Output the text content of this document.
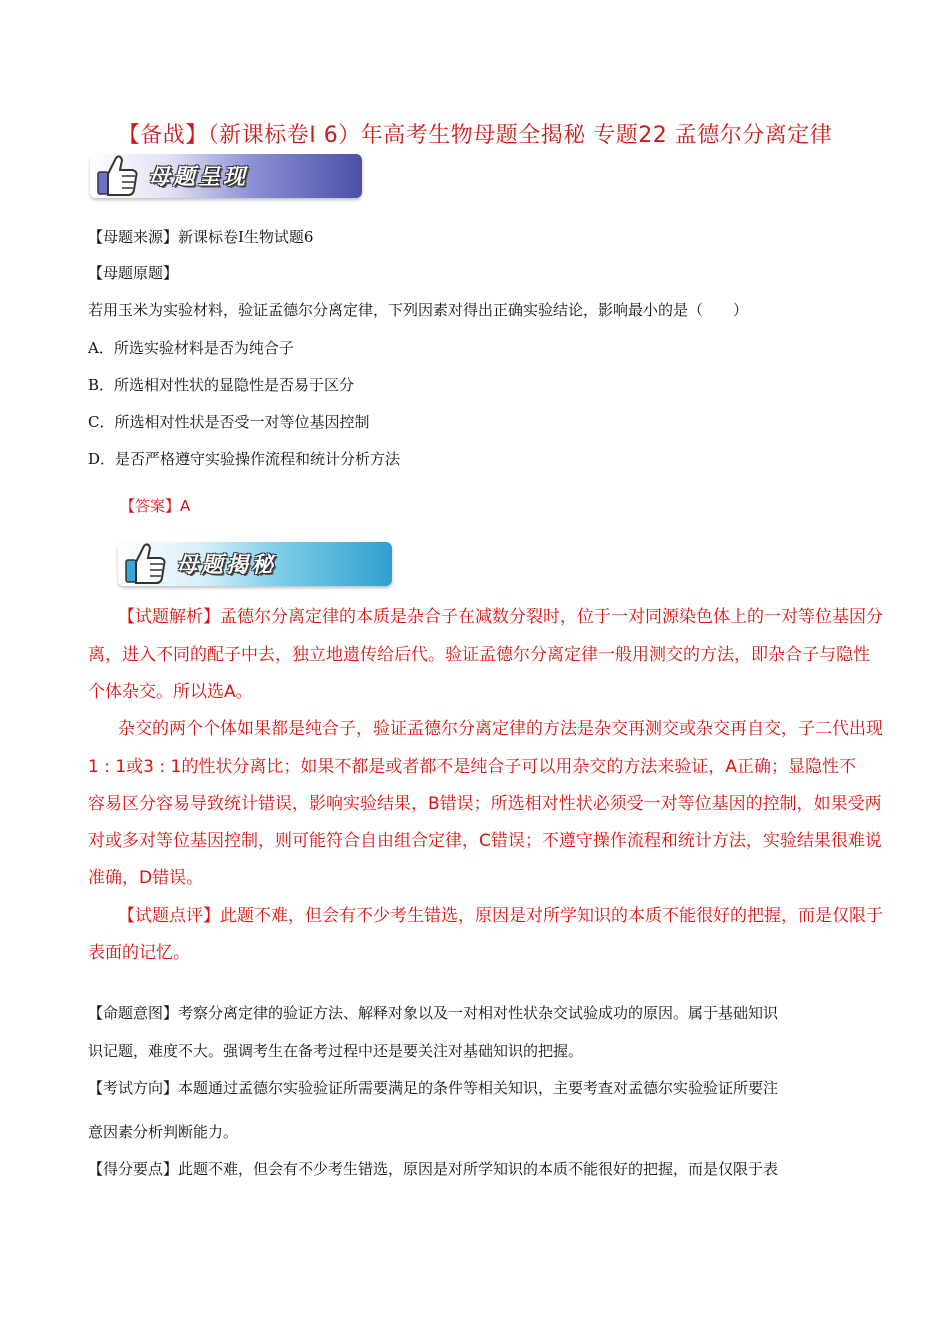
【备战】（新课标卷Ⅰ 6）年高考生物母题全揭秘 专题22 孟德尔分离定律
母题呈现
【母题来源】新课标卷Ⅰ生物试题6
【母题原题】
若用玉米为实验材料，验证孟德尔分离定律，下列因素对得出正确实验结论，影响最小的是（　　）
A．所选实验材料是否为纯合子
B．所选相对性状的显隐性是否易于区分
C．所选相对性状是否受一对等位基因控制
D．是否严格遵守实验操作流程和统计分析方法
【答案】A
母题揭秘
【试题解析】孟德尔分离定律的本质是杂合子在减数分裂时，位于一对同源染色体上的一对等位基因分
离，进入不同的配子中去，独立地遗传给后代。验证孟德尔分离定律一般用测交的方法，即杂合子与隐性
个体杂交。所以选A。
杂交的两个个体如果都是纯合子，验证孟德尔分离定律的方法是杂交再测交或杂交再自交，子二代出现
1 : 1或3 : 1的性状分离比；如果不都是或者都不是纯合子可以用杂交的方法来验证，A正确；显隐性不
容易区分容易导致统计错误，影响实验结果，B错误；所选相对性状必须受一对等位基因的控制，如果受两
对或多对等位基因控制，则可能符合自由组合定律，C错误；不遵守操作流程和统计方法，实验结果很难说
准确，D错误。
【试题点评】此题不难，但会有不少考生错选，原因是对所学知识的本质不能很好的把握，而是仅限于
表面的记忆。
【命题意图】考察分离定律的验证方法、解释对象以及一对相对性状杂交试验成功的原因。属于基础知识
识记题，难度不大。强调考生在备考过程中还是要关注对基础知识的把握。
【考试方向】本题通过孟德尔实验验证所需要满足的条件等相关知识，主要考查对孟德尔实验验证所要注
意因素分析判断能力。
【得分要点】此题不难，但会有不少考生错选，原因是对所学知识的本质不能很好的把握，而是仅限于表
